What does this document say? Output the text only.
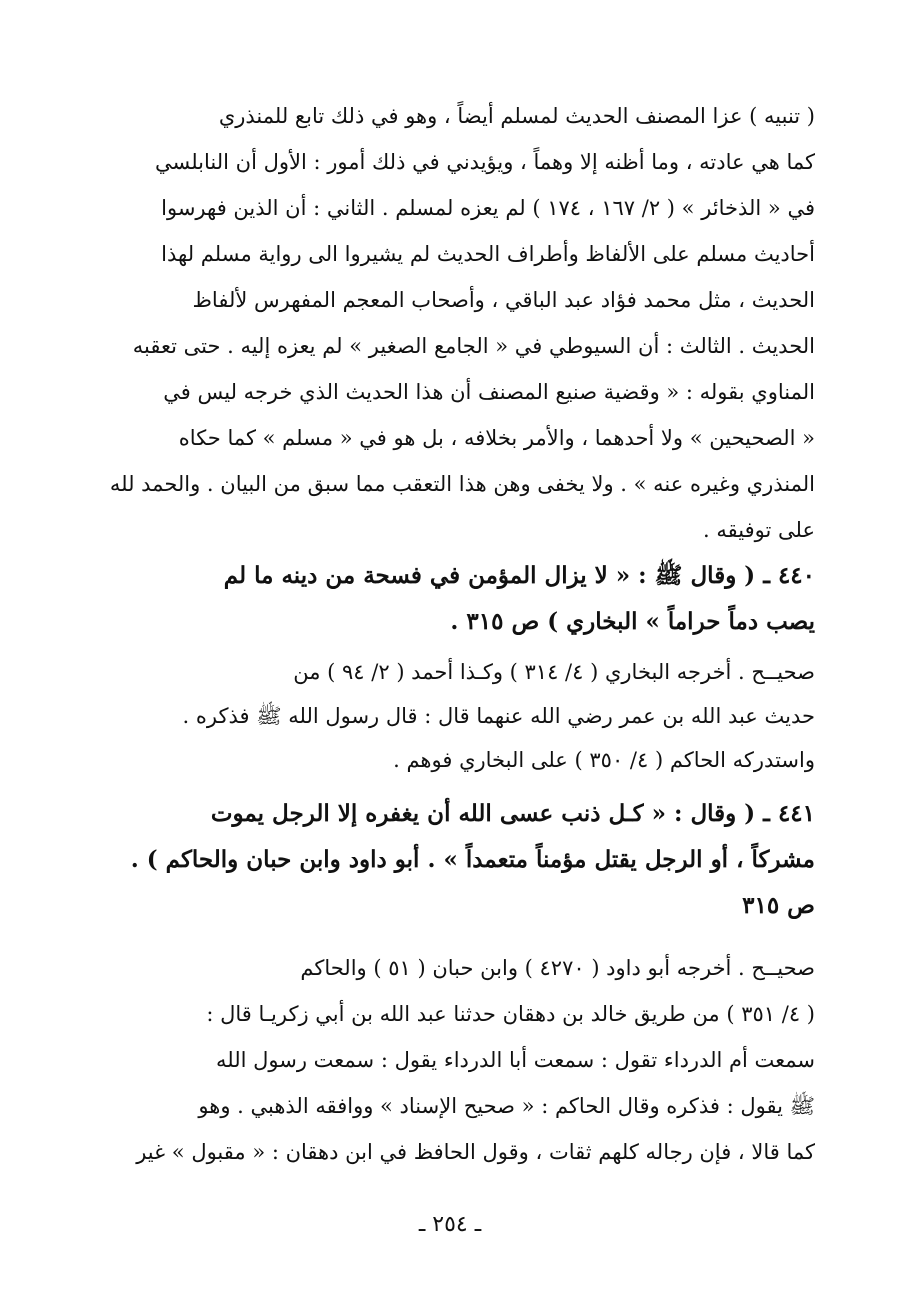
( تنبيه ) عزا المصنف الحديث لمسلم أيضاً ، وهو في ذلك تابع للمنذري
كما هي عادته ، وما أظنه إلا وهماً ، ويؤيدني في ذلك أمور : الأول أن النابلسي
في « الذخائر » ( ٢/ ١٦٧ ، ١٧٤ ) لم يعزه لمسلم . الثاني : أن الذين فهرسوا
أحاديث مسلم على الألفاظ وأطراف الحديث لم يشيروا الى رواية مسلم لهذا
الحديث ، مثل محمد فؤاد عبد الباقي ، وأصحاب المعجم المفهرس لألفاظ
الحديث . الثالث : أن السيوطي في « الجامع الصغير » لم يعزه إليه . حتى تعقبه
المناوي بقوله : « وقضية صنيع المصنف أن هذا الحديث الذي خرجه ليس في
« الصحيحين » ولا أحدهما ، والأمر بخلافه ، بل هو في « مسلم » كما حكاه
المنذري وغيره عنه » . ولا يخفى وهن هذا التعقب مما سبق من البيان . والحمد لله
على توفيقه .
٤٤٠ ـ ( وقال ﷺ : « لا يزال المؤمن في فسحة من دينه ما لم
يصب دماً حراماً » البخاري ) ص ٣١٥ .
صحيــح . أخرجه البخاري ( ٤/ ٣١٤ ) وكـذا أحمد ( ٢/ ٩٤ ) من
حديث عبد الله بن عمر رضي الله عنهما قال : قال رسول الله ﷺ فذكره .
واستدركه الحاكم ( ٤/ ٣٥٠ ) على البخاري فوهم .
٤٤١ ـ ( وقال : « كـل ذنب عسى الله أن يغفره إلا الرجل يموت
مشركاً ، أو الرجل يقتل مؤمناً متعمداً » . أبو داود وابن حبان والحاكم ) .
ص ٣١٥
صحيــح . أخرجه أبو داود ( ٤٢٧٠ ) وابن حبان ( ٥١ ) والحاكم
( ٤/ ٣٥١ ) من طريق خالد بن دهقان حدثنا عبد الله بن أبي زكريـا قال :
سمعت أم الدرداء تقول : سمعت أبا الدرداء يقول : سمعت رسول الله
ﷺ يقول : فذكره وقال الحاكم : « صحيح الإسناد » ووافقه الذهبي . وهو
كما قالا ، فإن رجاله كلهم ثقات ، وقول الحافظ في ابن دهقان : « مقبول » غير
ـ ٢٥٤ ـ
